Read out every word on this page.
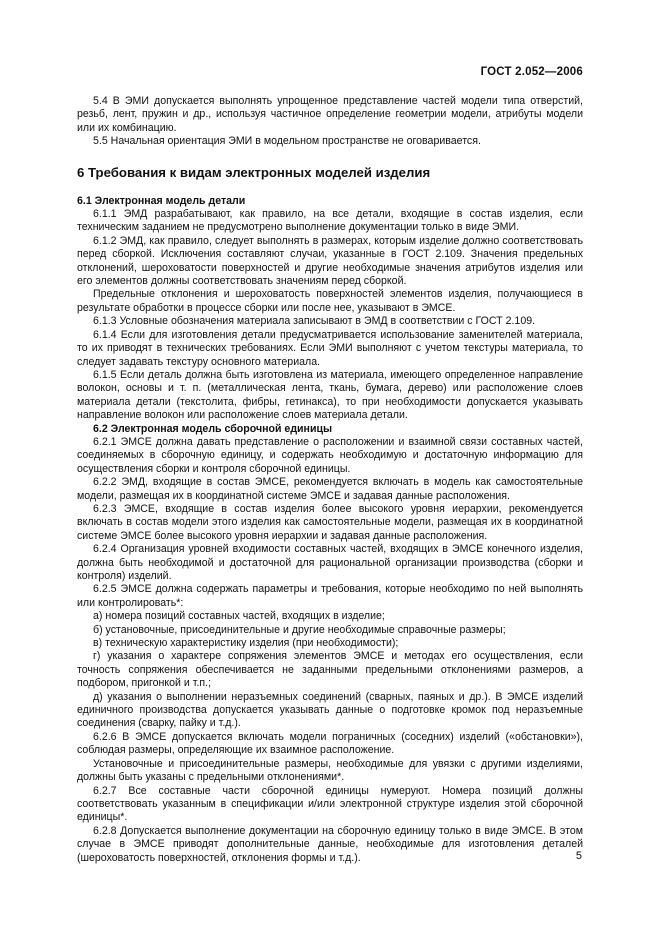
ГОСТ 2.052—2006

5.4 В ЭМИ допускается выполнять упрощенное представление частей модели типа отверстий, резьб, лент, пружин и др., используя частичное определение геометрии модели, атрибуты модели или их комбинацию.

5.5 Начальная ориентация ЭМИ в модельном пространстве не оговаривается.

6 Требования к видам электронных моделей изделия

6.1 Электронная модель детали

6.1.1 ЭМД разрабатывают, как правило, на все детали, входящие в состав изделия, если техническим заданием не предусмотрено выполнение документации только в виде ЭМИ.

6.1.2 ЭМД, как правило, следует выполнять в размерах, которым изделие должно соответствовать перед сборкой. Исключения составляют случаи, указанные в ГОСТ 2.109. Значения предельных отклонений, шероховатости поверхностей и другие необходимые значения атрибутов изделия или его элементов должны соответствовать значениям перед сборкой.

Предельные отклонения и шероховатость поверхностей элементов изделия, получающиеся в результате обработки в процессе сборки или после нее, указывают в ЭМСЕ.

6.1.3 Условные обозначения материала записывают в ЭМД в соответствии с ГОСТ 2.109.

6.1.4 Если для изготовления детали предусматривается использование заменителей материала, то их приводят в технических требованиях. Если ЭМИ выполняют с учетом текстуры материала, то следует задавать текстуру основного материала.

6.1.5 Если деталь должна быть изготовлена из материала, имеющего определенное направление волокон, основы и т. п. (металлическая лента, ткань, бумага, дерево) или расположение слоев материала детали (текстолита, фибры, гетинакса), то при необходимости допускается указывать направление волокон или расположение слоев материала детали.

6.2 Электронная модель сборочной единицы

6.2.1 ЭМСЕ должна давать представление о расположении и взаимной связи составных частей, соединяемых в сборочную единицу, и содержать необходимую и достаточную информацию для осуществления сборки и контроля сборочной единицы.

6.2.2 ЭМД, входящие в состав ЭМСЕ, рекомендуется включать в модель как самостоятельные модели, размещая их в координатной системе ЭМСЕ и задавая данные расположения.

6.2.3 ЭМСЕ, входящие в состав изделия более высокого уровня иерархии, рекомендуется включать в состав модели этого изделия как самостоятельные модели, размещая их в координатной системе ЭМСЕ более высокого уровня иерархии и задавая данные расположения.

6.2.4 Организация уровней входимости составных частей, входящих в ЭМСЕ конечного изделия, должна быть необходимой и достаточной для рациональной организации производства (сборки и контроля) изделий.

6.2.5 ЭМСЕ должна содержать параметры и требования, которые необходимо по ней выполнять или контролировать*:

а) номера позиций составных частей, входящих в изделие;

б) установочные, присоединительные и другие необходимые справочные размеры;

в) техническую характеристику изделия (при необходимости);

г) указания о характере сопряжения элементов ЭМСЕ и методах его осуществления, если точность сопряжения обеспечивается не заданными предельными отклонениями размеров, а подбором, пригонкой и т.п.;

д) указания о выполнении неразъемных соединений (сварных, паяных и др.). В ЭМСЕ изделий единичного производства допускается указывать данные о подготовке кромок под неразъемные соединения (сварку, пайку и т.д.).

6.2.6 В ЭМСЕ допускается включать модели пограничных (соседних) изделий («обстановки»), соблюдая размеры, определяющие их взаимное расположение.

Установочные и присоединительные размеры, необходимые для увязки с другими изделиями, должны быть указаны с предельными отклонениями*.

6.2.7 Все составные части сборочной единицы нумеруют. Номера позиций должны соответствовать указанным в спецификации и/или электронной структуре изделия этой сборочной единицы*.

6.2.8 Допускается выполнение документации на сборочную единицу только в виде ЭМСЕ. В этом случае в ЭМСЕ приводят дополнительные данные, необходимые для изготовления деталей (шероховатость поверхностей, отклонения формы и т.д.).	5
